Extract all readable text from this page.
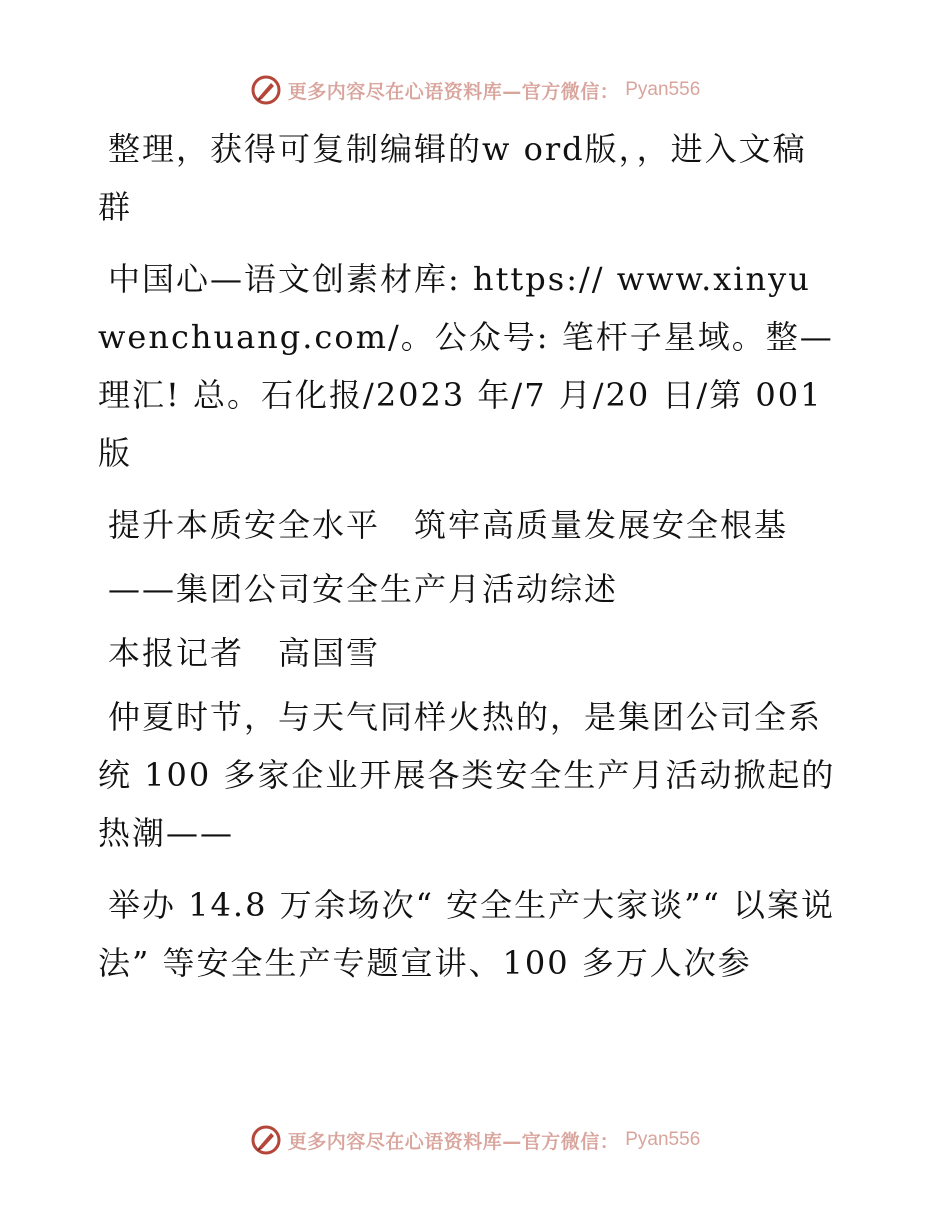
更多内容尽在心语资料库—官方微信： Pyan556

整理，获得可复制编辑的w ord版，，进入文稿群

中国心—语文创素材库: https:// www.xinyuwenchuang.com/。公众号: 笔杆子星域。整—理汇! 总。石化报/2023 年/7 月/20 日/第 001 版

提升本质安全水平　筑牢高质量发展安全根基

——集团公司安全生产月活动综述

本报记者　高国雪

仲夏时节，与天气同样火热的，是集团公司全系统 100 多家企业开展各类安全生产月活动掀起的热潮——

举办 14.8 万余场次“ 安全生产大家谈”“ 以案说法” 等安全生产专题宣讲、100 多万人次参

更多内容尽在心语资料库—官方微信： Pyan556
